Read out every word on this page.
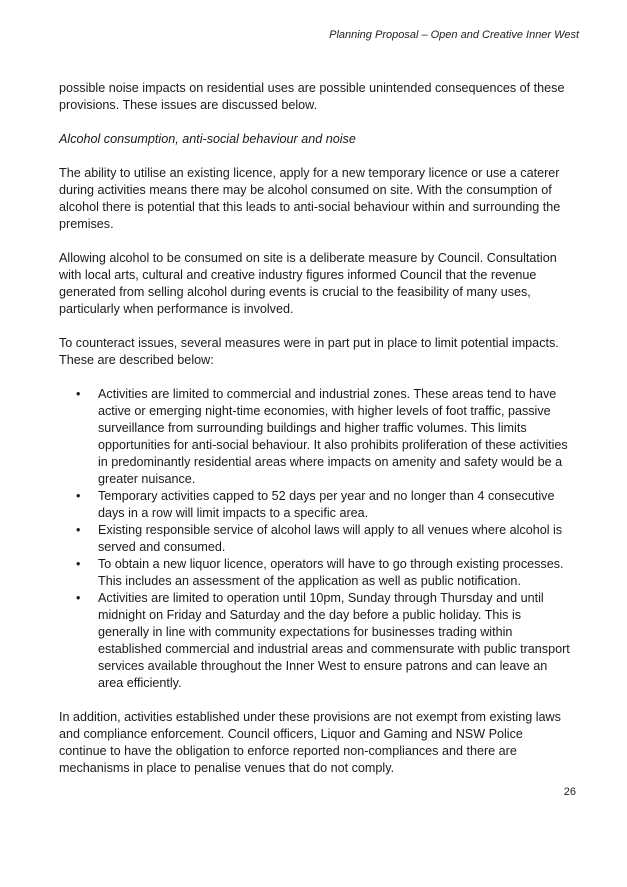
Planning Proposal – Open and Creative Inner West

possible noise impacts on residential uses are possible unintended consequences of these provisions. These issues are discussed below.

Alcohol consumption, anti-social behaviour and noise

The ability to utilise an existing licence, apply for a new temporary licence or use a caterer during activities means there may be alcohol consumed on site. With the consumption of alcohol there is potential that this leads to anti-social behaviour within and surrounding the premises.

Allowing alcohol to be consumed on site is a deliberate measure by Council. Consultation with local arts, cultural and creative industry figures informed Council that the revenue generated from selling alcohol during events is crucial to the feasibility of many uses, particularly when performance is involved.

To counteract issues, several measures were in part put in place to limit potential impacts. These are described below:

• Activities are limited to commercial and industrial zones. These areas tend to have active or emerging night-time economies, with higher levels of foot traffic, passive surveillance from surrounding buildings and higher traffic volumes. This limits opportunities for anti-social behaviour. It also prohibits proliferation of these activities in predominantly residential areas where impacts on amenity and safety would be a greater nuisance.
• Temporary activities capped to 52 days per year and no longer than 4 consecutive days in a row will limit impacts to a specific area.
• Existing responsible service of alcohol laws will apply to all venues where alcohol is served and consumed.
• To obtain a new liquor licence, operators will have to go through existing processes. This includes an assessment of the application as well as public notification.
• Activities are limited to operation until 10pm, Sunday through Thursday and until midnight on Friday and Saturday and the day before a public holiday. This is generally in line with community expectations for businesses trading within established commercial and industrial areas and commensurate with public transport services available throughout the Inner West to ensure patrons and can leave an area efficiently.

In addition, activities established under these provisions are not exempt from existing laws and compliance enforcement. Council officers, Liquor and Gaming and NSW Police continue to have the obligation to enforce reported non-compliances and there are mechanisms in place to penalise venues that do not comply.

26
